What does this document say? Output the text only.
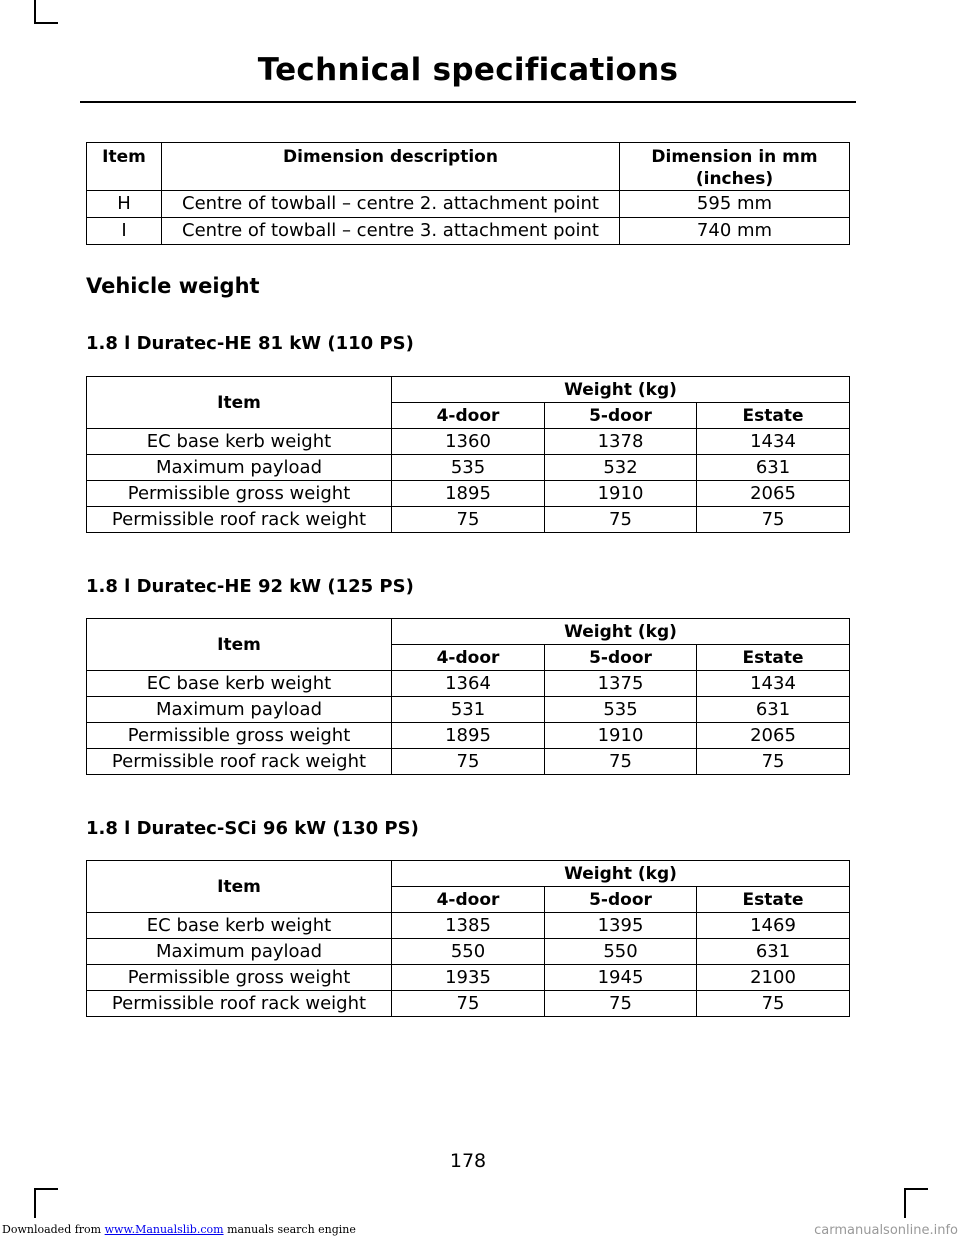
Technical specifications
Item	Dimension description	Dimension in mm (inches)
H	Centre of towball – centre 2. attachment point	595 mm
I	Centre of towball – centre 3. attachment point	740 mm
Vehicle weight
1.8 l Duratec-HE 81 kW (110 PS)
Item	Weight (kg)		
	4-door	5-door	Estate
EC base kerb weight	1360	1378	1434
Maximum payload	535	532	631
Permissible gross weight	1895	1910	2065
Permissible roof rack weight	75	75	75
1.8 l Duratec-HE 92 kW (125 PS)
Item	Weight (kg)		
	4-door	5-door	Estate
EC base kerb weight	1364	1375	1434
Maximum payload	531	535	631
Permissible gross weight	1895	1910	2065
Permissible roof rack weight	75	75	75
1.8 l Duratec-SCi 96 kW (130 PS)
Item	Weight (kg)		
	4-door	5-door	Estate
EC base kerb weight	1385	1395	1469
Maximum payload	550	550	631
Permissible gross weight	1935	1945	2100
Permissible roof rack weight	75	75	75
178
Downloaded from www.Manualslib.com manuals search engine	carmanualsonline.info
